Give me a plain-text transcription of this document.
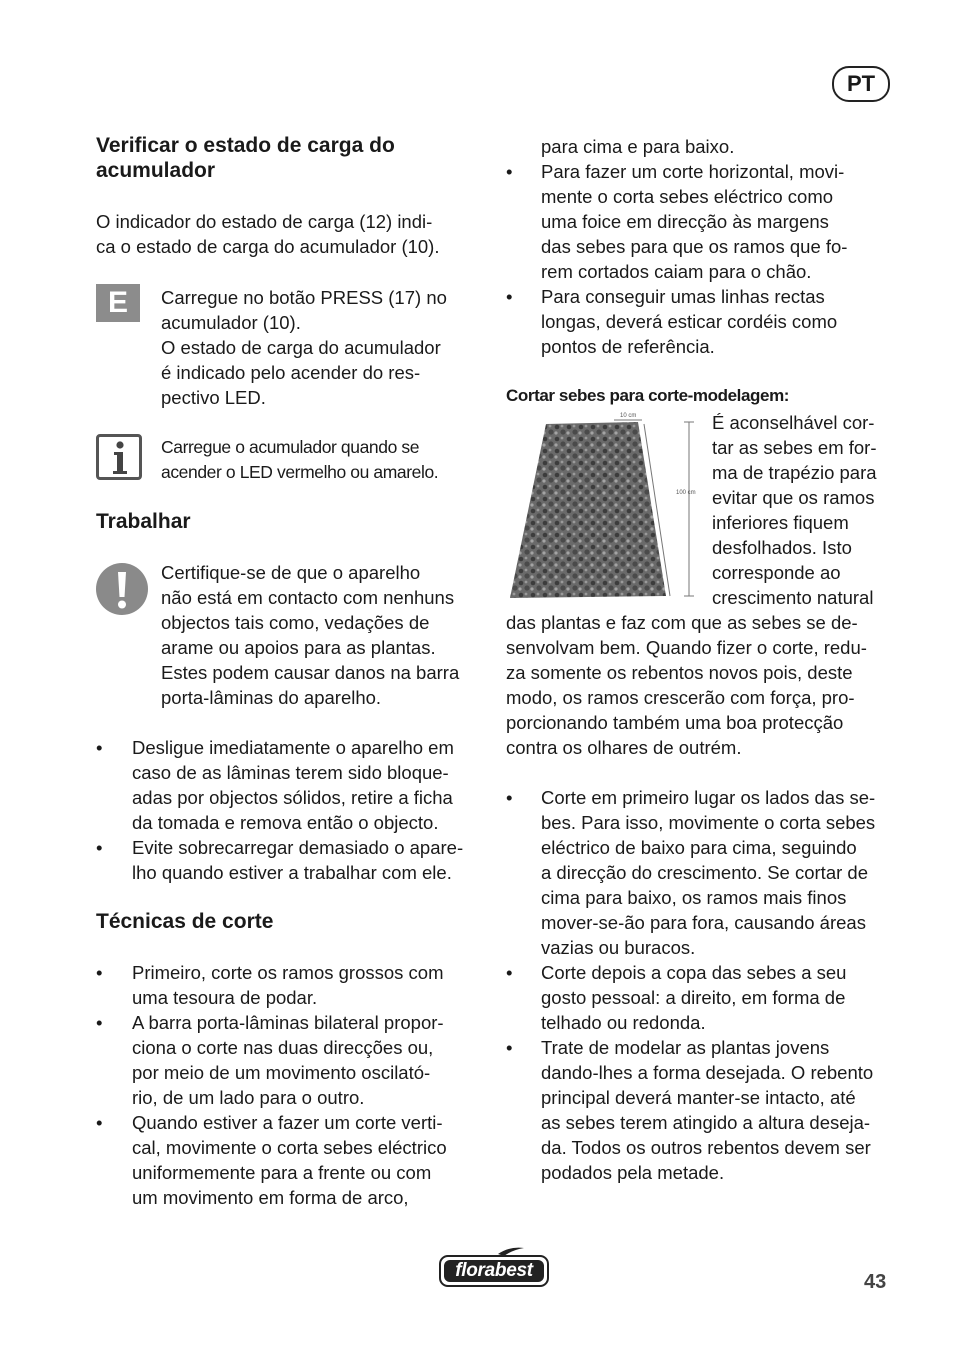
PT
Verificar o estado de carga do
acumulador
O indicador do estado de carga (12) indi-
ca o estado de carga do acumulador (10).
E	Carregue no botão PRESS (17) no
acumulador (10).
O estado de carga do acumulador
é indicado pelo acender do res-
pectivo LED.
Carregue o acumulador quando se
acender o LED vermelho ou amarelo.
Trabalhar
Certifique-se de que o aparelho
não está em contacto com nenhuns
objectos tais como, vedações de
arame ou apoios para as plantas.
Estes podem causar danos na barra
porta-lâminas do aparelho.
• Desligue imediatamente o aparelho em
caso de as lâminas terem sido bloque-
adas por objectos sólidos, retire a ficha
da tomada e remova então o objecto.
• Evite sobrecarregar demasiado o apare-
lho quando estiver a trabalhar com ele.
Técnicas de corte
• Primeiro, corte os ramos grossos com
uma tesoura de podar.
• A barra porta-lâminas bilateral propor-
ciona o corte nas duas direcções ou,
por meio de um movimento oscilató-
rio, de um lado para o outro.
• Quando estiver a fazer um corte verti-
cal, movimente o corta sebes eléctrico
uniformemente para a frente ou com
um movimento em forma de arco,
para cima e para baixo.
• Para fazer um corte horizontal, movi-
mente o corta sebes eléctrico como
uma foice em direcção às margens
das sebes para que os ramos que fo-
rem cortados caiam para o chão.
• Para conseguir umas linhas rectas
longas, deverá esticar cordéis como
pontos de referência.
Cortar sebes para corte-modelagem:
10 cm
100 cm
É aconselhável cor-
tar as sebes em for-
ma de trapézio para
evitar que os ramos
inferiores fiquem
desfolhados. Isto
corresponde ao
crescimento natural
das plantas e faz com que as sebes se de-
senvolvam bem. Quando fizer o corte, redu-
za somente os rebentos novos pois, deste
modo, os ramos crescerão com força, pro-
porcionando também uma boa protecção
contra os olhares de outrém.
• Corte em primeiro lugar os lados das se-
bes. Para isso, movimente o corta sebes
eléctrico de baixo para cima, seguindo
a direcção do crescimento. Se cortar de
cima para baixo, os ramos mais finos
mover-se-ão para fora, causando áreas
vazias ou buracos.
• Corte depois a copa das sebes a seu
gosto pessoal: a direito, em forma de
telhado ou redonda.
• Trate de modelar as plantas jovens
dando-lhes a forma desejada. O rebento
principal deverá manter-se intacto, até
as sebes terem atingido a altura deseja-
da. Todos os outros rebentos devem ser
podados pela metade.
florabest
43
